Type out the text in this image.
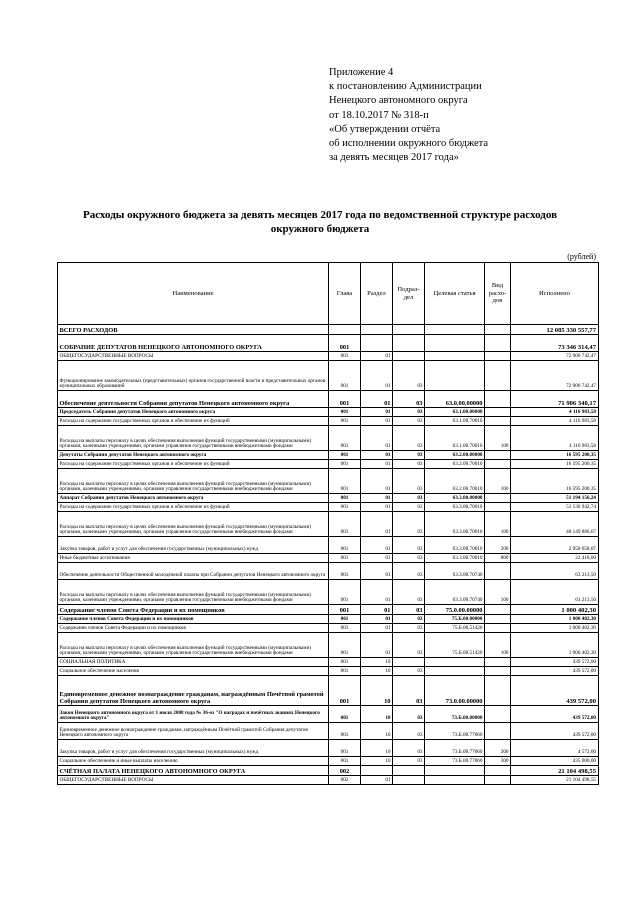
Приложение 4
к постановлению Администрации
Ненецкого автономного округа
от 18.10.2017 № 318-п
«Об утверждении отчёта
об исполнении окружного бюджета
за девять месяцев 2017 года»
Расходы окружного бюджета за девять месяцев 2017 года по ведомственной структуре расходов
окружного бюджета
(рублей)
Наименование	Глава	Раздел	Подраз-дел	Целевая статья	Вид расхо-дов	Исполнено
ВСЕГО РАСХОДОВ						12 085 330 557,77
СОБРАНИЕ ДЕПУТАТОВ НЕНЕЦКОГО АВТОНОМНОГО ОКРУГА	001					73 346 314,47
ОБЩЕГОСУДАРСТВЕННЫЕ ВОПРОСЫ	001	01				72 906 742,47
Функционирование законодательных (представительных) органов государственной власти и представительных органов муниципальных образований	001	01	03			72 906 742,47
Обеспечение деятельности Собрания депутатов Ненецкого автономного округа	001	01	03	63.0.00.00000		71 906 340,17
Председатель Собрания депутатов Ненецкого автономного округа	001	01	03	63.1.00.00000		4 116 983,58
Расходы на содержание государственных органов и обеспечение их функций	001	01	03	63.1.00.70010		4 116 983,58
Расходы на выплаты персоналу в целях обеспечения выполнения функций государственными (муниципальными) органами, казенными учреждениями, органами управления государственными внебюджетными фондами	001	01	03	63.1.00.70010	100	4 116 983,58
Депутаты Собрания депутатов Ненецкого автономного округа	001	01	03	63.2.00.00000		16 595 200,35
Расходы на содержание государственных органов и обеспечение их функций	001	01	03	63.2.00.70010		16 595 200,35
Расходы на выплаты персоналу в целях обеспечения выполнения функций государственными (муниципальными) органами, казенными учреждениями, органами управления государственными внебюджетными фондами	001	01	03	63.2.00.70010	100	16 595 200,35
Аппарат Собрания депутатов Ненецкого автономного округа	001	01	03	63.3.00.00000		51 194 156,24
Расходы на содержание государственных органов и обеспечение их функций	001	01	03	63.3.00.70010		51 130 942,74
Расходы на выплаты персоналу в целях обеспечения выполнения функций государственными (муниципальными) органами, казенными учреждениями, органами управления государственными внебюджетными фондами	001	01	03	63.3.00.70010	100	48 149 866,67
Закупка товаров, работ и услуг для обеспечения государственных (муниципальных) нужд	001	01	03	63.3.00.70010	200	2 958 658,07
Иные бюджетные ассигнования	001	01	03	63.3.00.70010	800	22 418,00
Обеспечение деятельности Общественной молодёжной палаты при Собрании депутатов Ненецкого автономного округа	001	01	03	63.3.00.70740		63 213,50
Расходы на выплаты персоналу в целях обеспечения выполнения функций государственными (муниципальными) органами, казенными учреждениями, органами управления государственными внебюджетными фондами	001	01	03	63.3.00.70740	100	63 213,50
Содержание членов Совета Федерации и их помощников	001	01	03	75.0.00.00000		1 000 402,30
Содержание членов Совета Федерации и их помощников	001	01	03	75.Б.00.00000		1 000 402,30
Содержание членов Совета Федерации и их помощников	001	01	03	75.Б.00.51420		1 000 402,30
Расходы на выплаты персоналу в целях обеспечения выполнения функций государственными (муниципальными) органами, казенными учреждениями, органами управления государственными внебюджетными фондами	001	01	03	75.Б.00.51420	100	1 000 402,30
СОЦИАЛЬНАЯ ПОЛИТИКА	001	10				439 572,00
Социальное обеспечение населения	001	10	03			439 572,00
Единовременное денежное вознаграждение гражданам, награждённым Почётной грамотой Собрания депутатов Ненецкого автономного округа	001	10	03	73.0.00.00000		439 572,00
Закон Ненецкого автономного округа от 1 июля 2008 года № 36-оз "О наградах и почётных званиях Ненецкого автономного округа"	001	10	03	73.Б.00.00000		439 572,00
Единовременное денежное вознаграждение гражданам, награждённым Почётной грамотой Собрания депутатов Ненецкого автономного округа	001	10	03	73.Б.00.77060		439 572,00
Закупка товаров, работ и услуг для обеспечения государственных (муниципальных) нужд	001	10	03	73.Б.00.77060	200	4 572,00
Социальное обеспечение и иные выплаты населению	001	10	03	73.Б.00.77060	300	435 000,00
СЧЁТНАЯ ПАЛАТА НЕНЕЦКОГО АВТОНОМНОГО ОКРУГА	002					21 104 498,55
ОБЩЕГОСУДАРСТВЕННЫЕ ВОПРОСЫ	002	01				21 104 498,55
